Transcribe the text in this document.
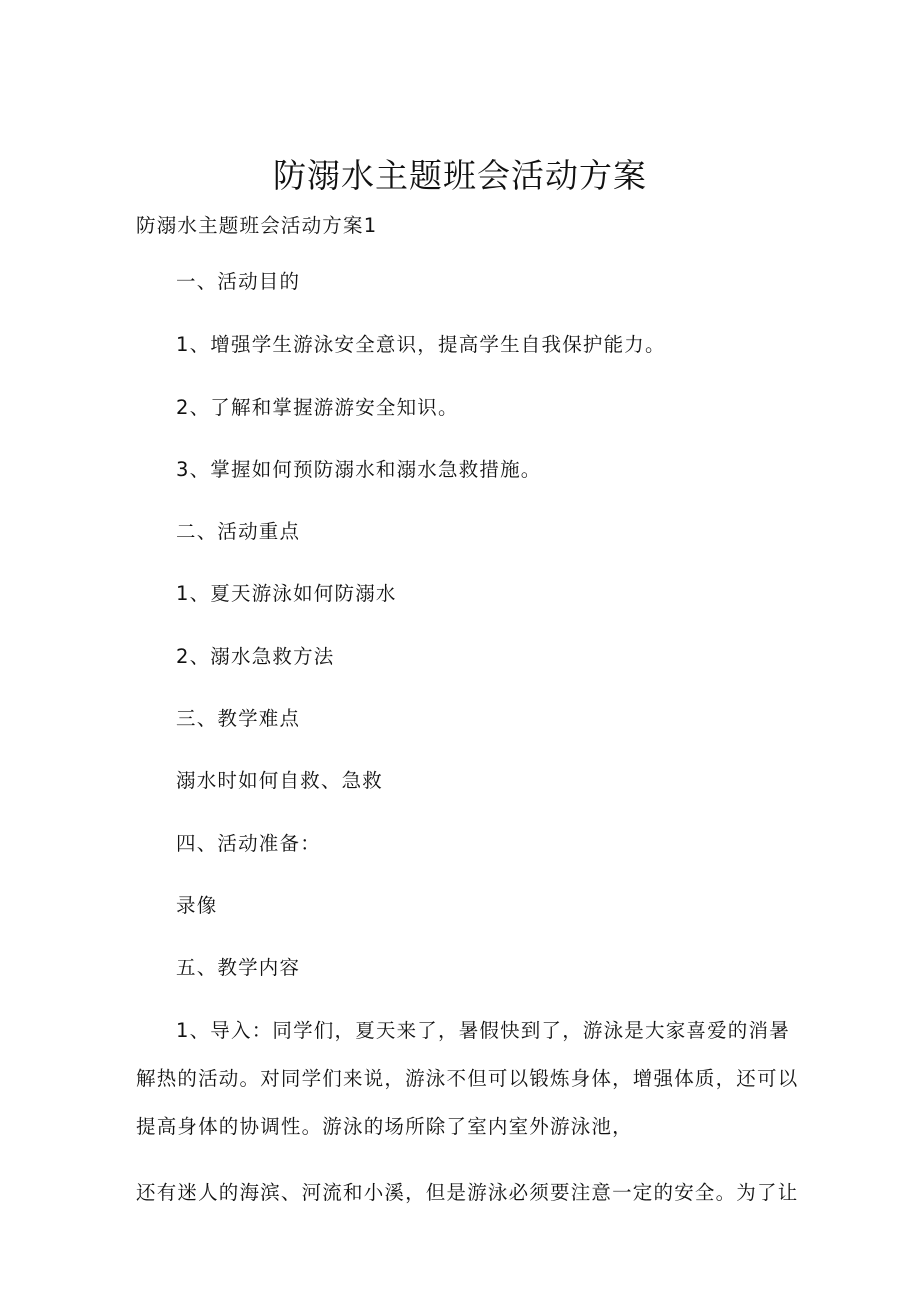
防溺水主题班会活动方案
防溺水主题班会活动方案1
一、活动目的
1、增强学生游泳安全意识，提高学生自我保护能力。
2、了解和掌握游游安全知识。
3、掌握如何预防溺水和溺水急救措施。
二、活动重点
1、夏天游泳如何防溺水
2、溺水急救方法
三、教学难点
溺水时如何自救、急救
四、活动准备：
录像
五、教学内容
1、导入：同学们，夏天来了，暑假快到了，游泳是大家喜爱的消暑
解热的活动。对同学们来说，游泳不但可以锻炼身体，增强体质，还可以
提高身体的协调性。游泳的场所除了室内室外游泳池，
还有迷人的海滨、河流和小溪，但是游泳必须要注意一定的安全。为了让
